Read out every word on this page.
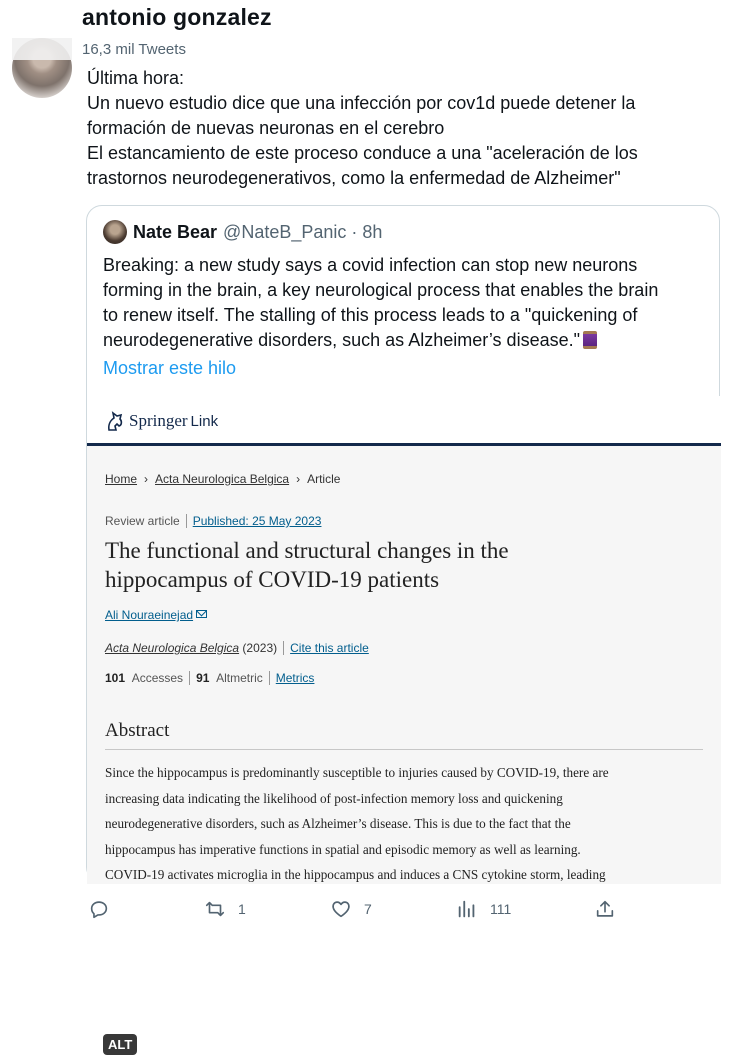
antonio gonzalez
16,3 mil Tweets
Última hora:
Un nuevo estudio dice que una infección por cov1d puede detener la
formación de nuevas neuronas en el cerebro
El estancamiento de este proceso conduce a una "aceleración de los
trastornos neurodegenerativos, como la enfermedad de Alzheimer"
Nate Bear @NateB_Panic · 8h
Breaking: a new study says a covid infection can stop new neurons
forming in the brain, a key neurological process that enables the brain
to renew itself. The stalling of this process leads to a "quickening of
neurodegenerative disorders, such as Alzheimer’s disease."
Mostrar este hilo
Springer Link
Home › Acta Neurologica Belgica › Article
Review article Published: 25 May 2023
The functional and structural changes in the
hippocampus of COVID-19 patients
Ali Nouraeinejad
Acta Neurologica Belgica (2023) Cite this article
101 Accesses 91 Altmetric Metrics
Abstract
Since the hippocampus is predominantly susceptible to injuries caused by COVID-19, there are
increasing data indicating the likelihood of post-infection memory loss and quickening
neurodegenerative disorders, such as Alzheimer’s disease. This is due to the fact that the
hippocampus has imperative functions in spatial and episodic memory as well as learning.
COVID-19 activates microglia in the hippocampus and induces a CNS cytokine storm, leading
ALT
1	7	111
